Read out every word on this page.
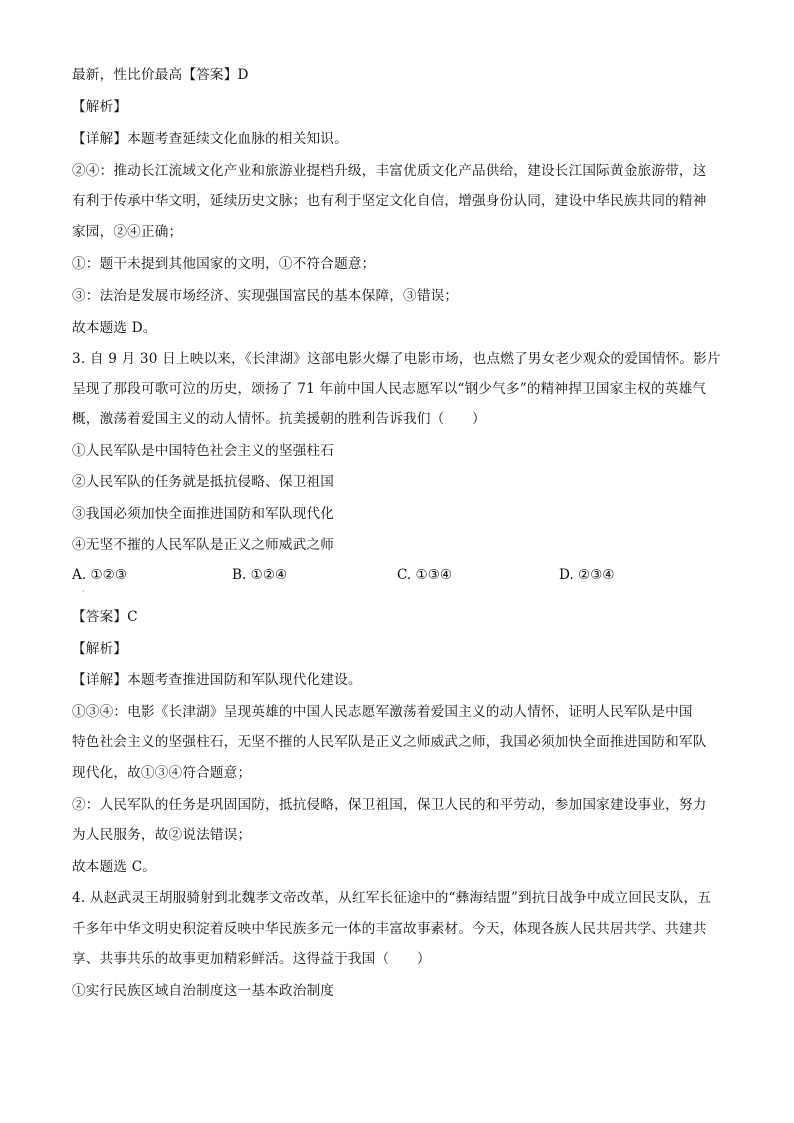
最新，性比价最高【答案】D
【解析】
【详解】本题考查延续文化血脉的相关知识。
②④：推动长江流域文化产业和旅游业提档升级，丰富优质文化产品供给，建设长江国际黄金旅游带，这
有利于传承中华文明，延续历史文脉；也有利于坚定文化自信，增强身份认同，建设中华民族共同的精神
家园，②④正确；
①：题干未提到其他国家的文明，①不符合题意；
③：法治是发展市场经济、实现强国富民的基本保障，③错误；
故本题选 D。
3. 自 9 月 30 日上映以来，《长津湖》这部电影火爆了电影市场，也点燃了男女老少观众的爱国情怀。影片
呈现了那段可歌可泣的历史，颂扬了 71 年前中国人民志愿军以“钢少气多”的精神捍卫国家主权的英雄气
概，激荡着爱国主义的动人情怀。抗美援朝的胜利告诉我们（　　）
①人民军队是中国特色社会主义的坚强柱石
②人民军队的任务就是抵抗侵略、保卫祖国
③我国必须加快全面推进国防和军队现代化
④无坚不摧的人民军队是正义之师威武之师
A. ①②③	B. ①②④	C. ①③④	D. ②③④
·
【答案】C
【解析】
【详解】本题考查推进国防和军队现代化建设。
①③④：电影《长津湖》呈现英雄的中国人民志愿军激荡着爱国主义的动人情怀，证明人民军队是中国
特色社会主义的坚强柱石，无坚不摧的人民军队是正义之师威武之师，我国必须加快全面推进国防和军队
现代化，故①③④符合题意；
②：人民军队的任务是巩固国防，抵抗侵略，保卫祖国，保卫人民的和平劳动，参加国家建设事业，努力
为人民服务，故②说法错误；
故本题选 C。
4. 从赵武灵王胡服骑射到北魏孝文帝改革，从红军长征途中的“彝海结盟”到抗日战争中成立回民支队，五
千多年中华文明史积淀着反映中华民族多元一体的丰富故事素材。今天，体现各族人民共居共学、共建共
享、共事共乐的故事更加精彩鲜活。这得益于我国（　　）
①实行民族区域自治制度这一基本政治制度
